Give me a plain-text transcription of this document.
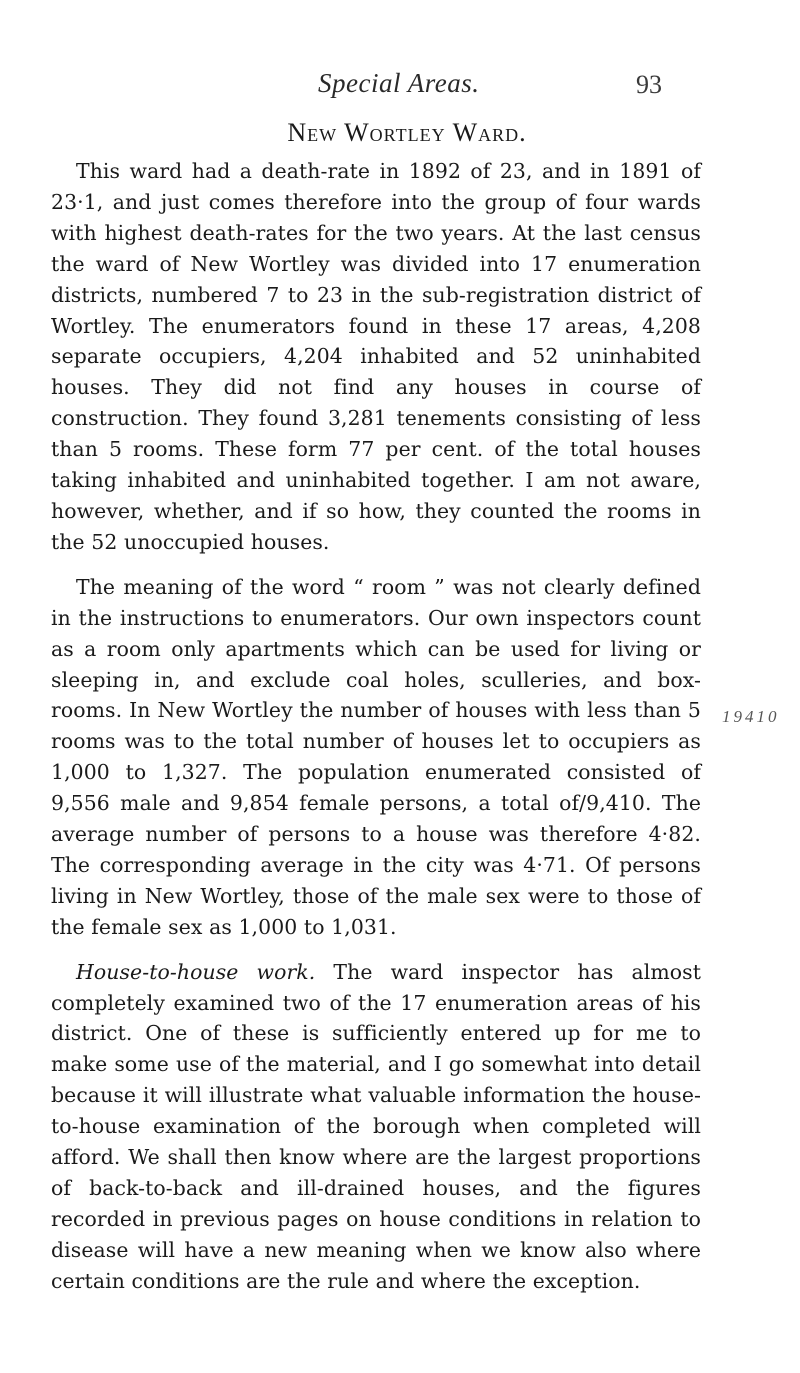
Special Areas.	93
New Wortley Ward.

This ward had a death-rate in 1892 of 23, and in 1891 of 23·1, and just comes therefore into the group of four wards with highest death-rates for the two years. At the last census the ward of New Wortley was divided into 17 enumeration districts, numbered 7 to 23 in the sub-registration district of Wortley. The enumerators found in these 17 areas, 4,208 separate occupiers, 4,204 inhabited and 52 uninhabited houses. They did not find any houses in course of construction. They found 3,281 tenements consisting of less than 5 rooms. These form 77 per cent. of the total houses taking inhabited and uninhabited together. I am not aware, however, whether, and if so how, they counted the rooms in the 52 unoccupied houses.

The meaning of the word “ room ” was not clearly defined in the instructions to enumerators. Our own inspectors count as a room only apartments which can be used for living or sleeping in, and exclude coal holes, sculleries, and box-rooms. In New Wortley the number of houses with less than 5 rooms was to the total number of houses let to occupiers as 1,000 to 1,327. The population enumerated consisted of 9,556 male and 9,854 female persons, a total of/9,410. The average number of persons to a house was therefore 4·82. The corresponding average in the city was 4·71. Of persons living in New Wortley, those of the male sex were to those of the female sex as 1,000 to 1,031.

House-to-house work. The ward inspector has almost completely examined two of the 17 enumeration areas of his district. One of these is sufficiently entered up for me to make some use of the material, and I go somewhat into detail because it will illustrate what valuable information the house-to-house examination of the borough when completed will afford. We shall then know where are the largest proportions of back-to-back and ill-drained houses, and the figures recorded in previous pages on house conditions in relation to disease will have a new meaning when we know also where certain conditions are the rule and where the exception.

19410
